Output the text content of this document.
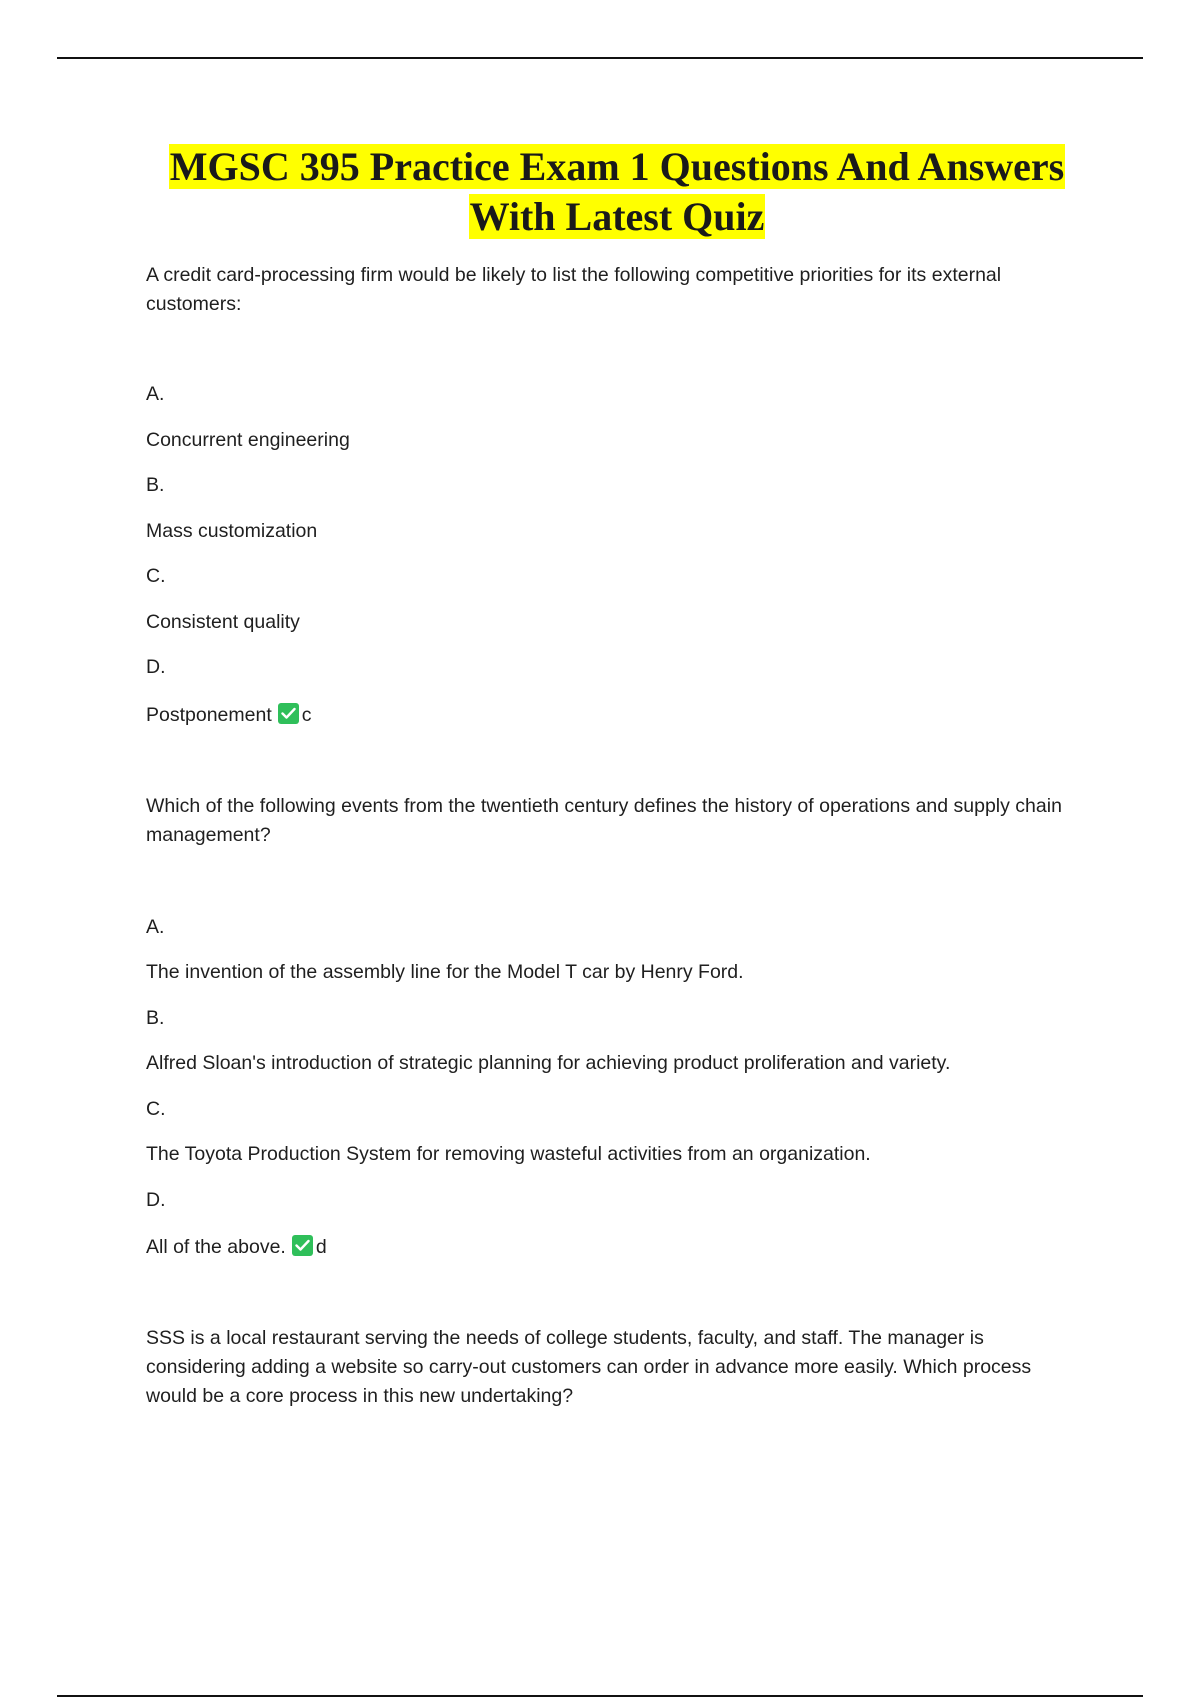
MGSC 395 Practice Exam 1 Questions And Answers
With Latest Quiz

A credit card-processing firm would be likely to list the following competitive priorities for its external customers:

A.
Concurrent engineering
B.
Mass customization
C.
Consistent quality
D.
Postponement c

Which of the following events from the twentieth century defines the history of operations and supply chain management?

A.
The invention of the assembly line for the Model T car by Henry Ford.
B.
Alfred Sloan's introduction of strategic planning for achieving product proliferation and variety.
C.
The Toyota Production System for removing wasteful activities from an organization.
D.
All of the above. d

SSS is a local restaurant serving the needs of college students, faculty, and staff. The manager is considering adding a website so carry-out customers can order in advance more easily. Which process would be a core process in this new undertaking?
